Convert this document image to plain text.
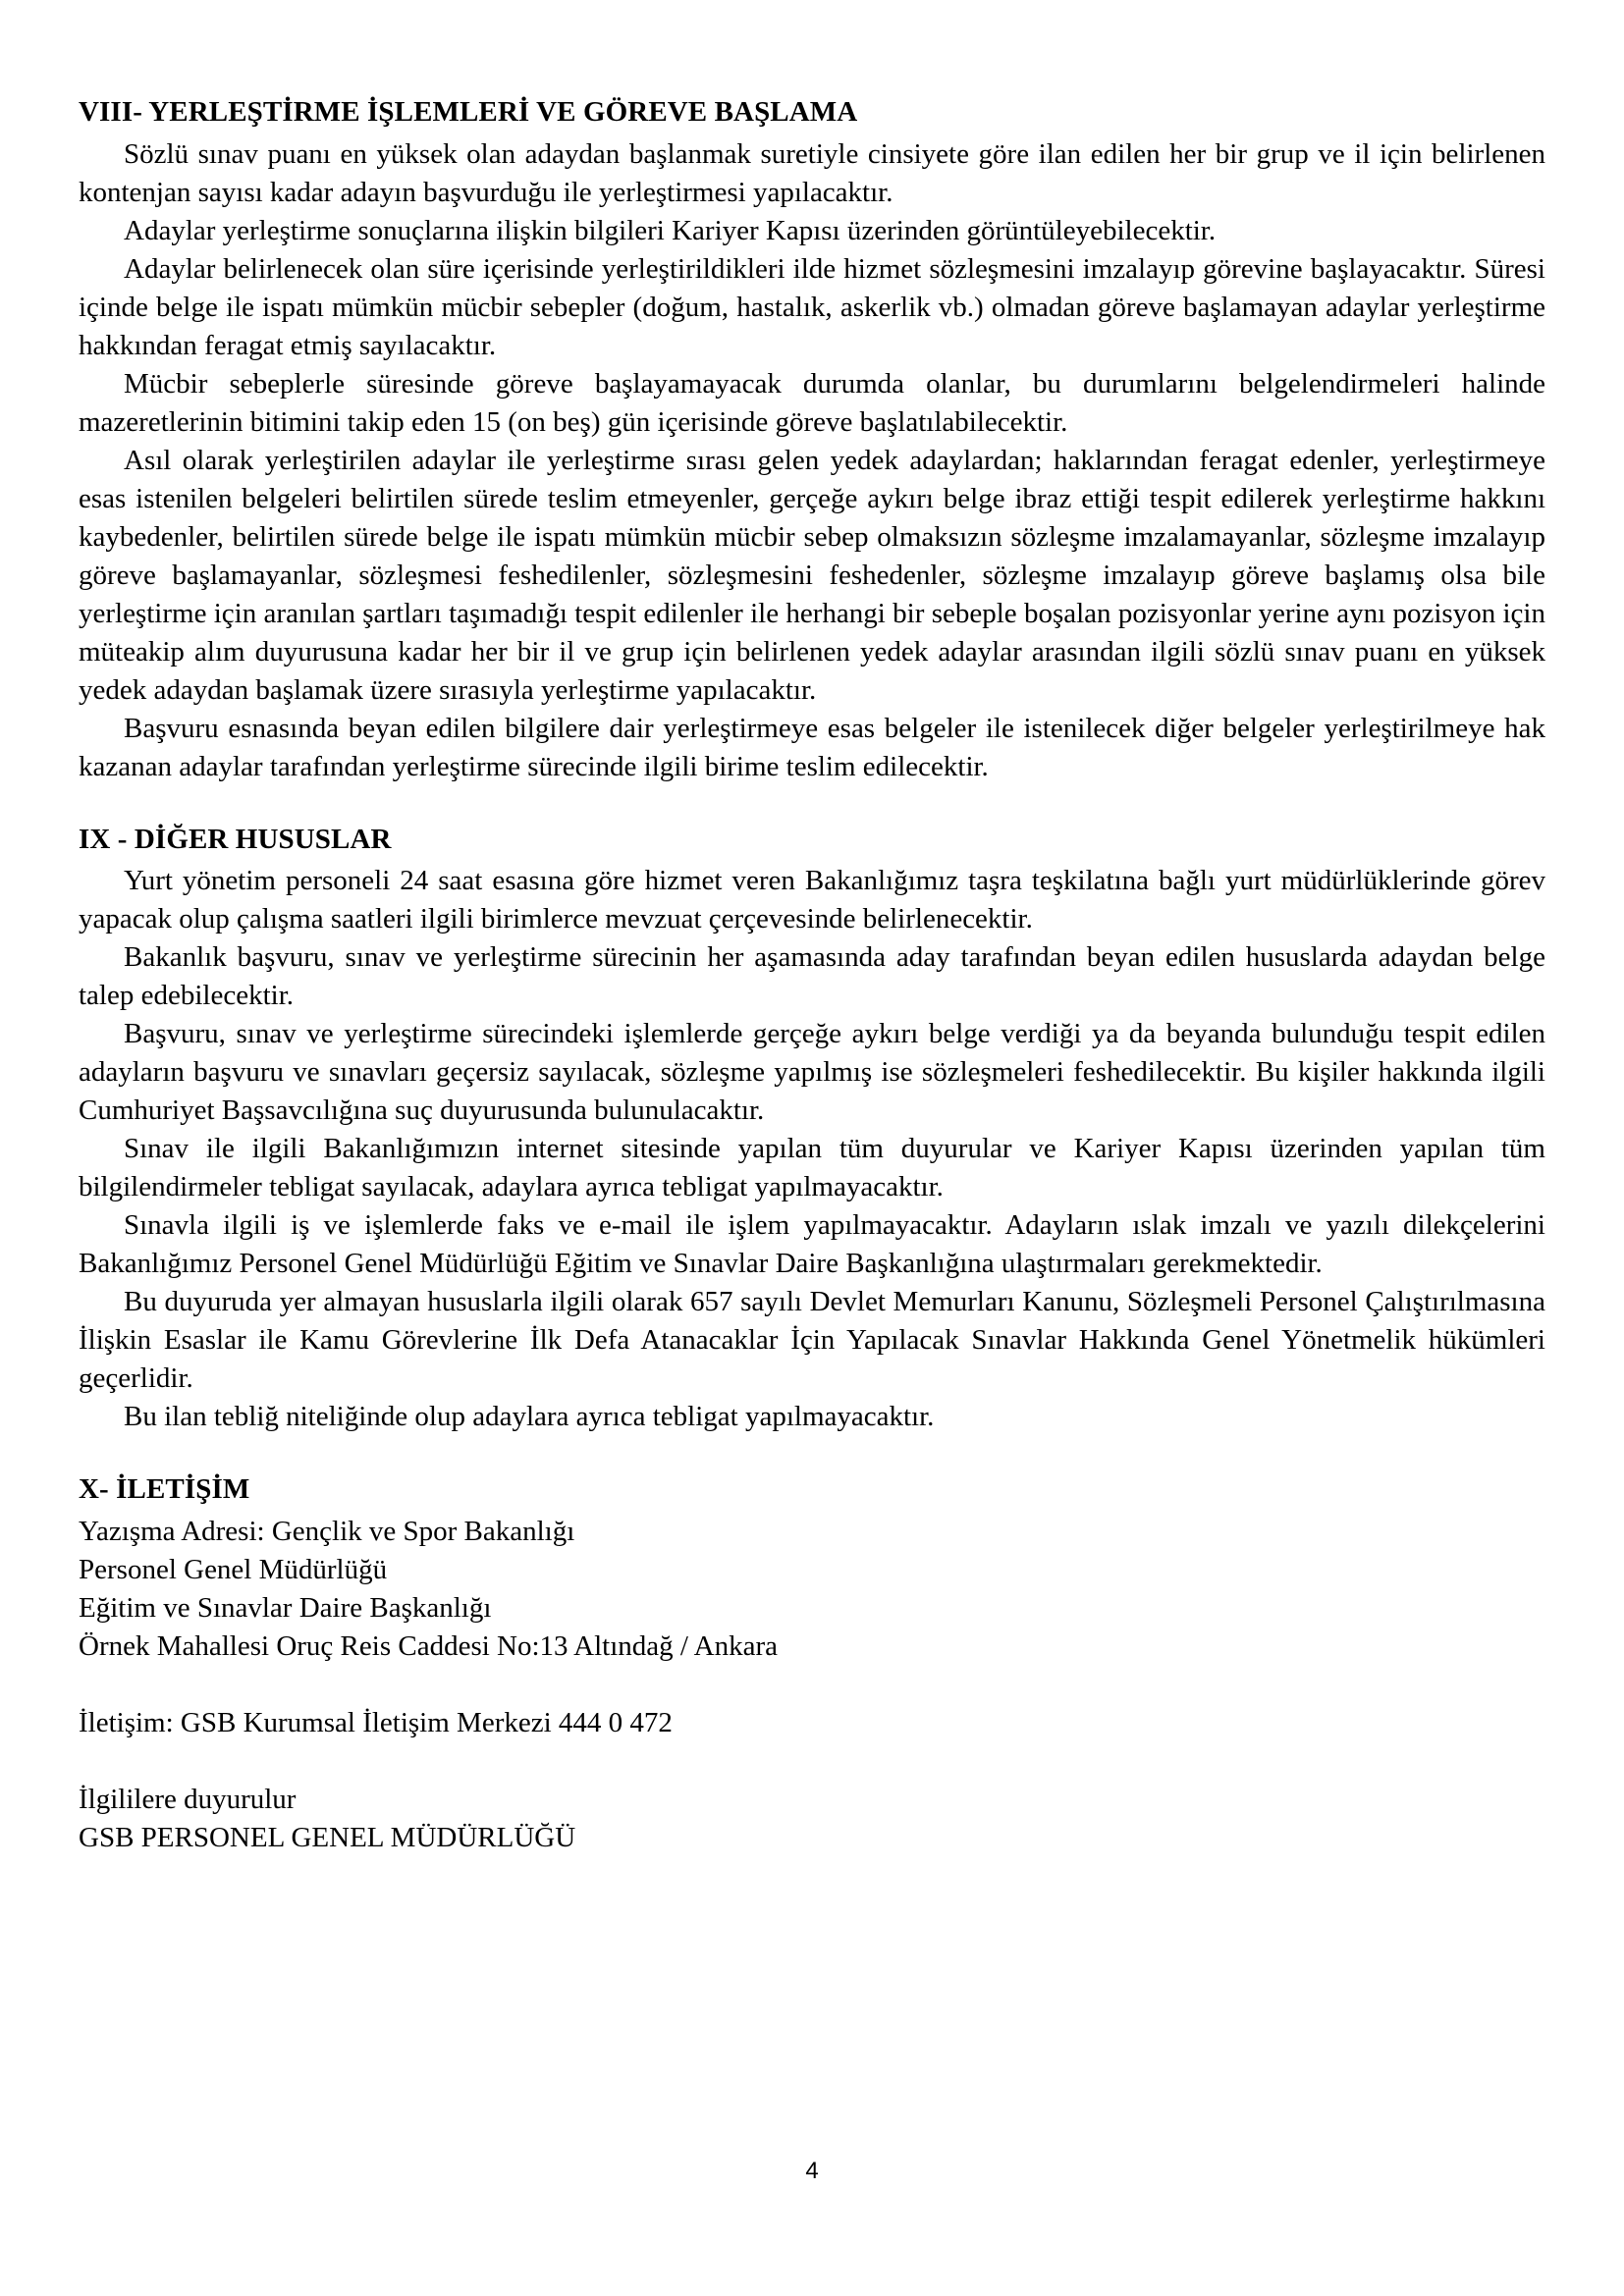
VIII- YERLEŞTİRME İŞLEMLERİ VE GÖREVE BAŞLAMA

Sözlü sınav puanı en yüksek olan adaydan başlanmak suretiyle cinsiyete göre ilan edilen her bir grup ve il için belirlenen kontenjan sayısı kadar adayın başvurduğu ile yerleştirmesi yapılacaktır.

Adaylar yerleştirme sonuçlarına ilişkin bilgileri Kariyer Kapısı üzerinden görüntüleyebilecektir.

Adaylar belirlenecek olan süre içerisinde yerleştirildikleri ilde hizmet sözleşmesini imzalayıp görevine başlayacaktır. Süresi içinde belge ile ispatı mümkün mücbir sebepler (doğum, hastalık, askerlik vb.) olmadan göreve başlamayan adaylar yerleştirme hakkından feragat etmiş sayılacaktır.

Mücbir sebeplerle süresinde göreve başlayamayacak durumda olanlar, bu durumlarını belgelendirmeleri halinde mazeretlerinin bitimini takip eden 15 (on beş) gün içerisinde göreve başlatılabilecektir.

Asıl olarak yerleştirilen adaylar ile yerleştirme sırası gelen yedek adaylardan; haklarından feragat edenler, yerleştirmeye esas istenilen belgeleri belirtilen sürede teslim etmeyenler, gerçeğe aykırı belge ibraz ettiği tespit edilerek yerleştirme hakkını kaybedenler, belirtilen sürede belge ile ispatı mümkün mücbir sebep olmaksızın sözleşme imzalamayanlar, sözleşme imzalayıp göreve başlamayanlar, sözleşmesi feshedilenler, sözleşmesini feshedenler, sözleşme imzalayıp göreve başlamış olsa bile yerleştirme için aranılan şartları taşımadığı tespit edilenler ile herhangi bir sebeple boşalan pozisyonlar yerine aynı pozisyon için müteakip alım duyurusuna kadar her bir il ve grup için belirlenen yedek adaylar arasından ilgili sözlü sınav puanı en yüksek yedek adaydan başlamak üzere sırasıyla yerleştirme yapılacaktır.

Başvuru esnasında beyan edilen bilgilere dair yerleştirmeye esas belgeler ile istenilecek diğer belgeler yerleştirilmeye hak kazanan adaylar tarafından yerleştirme sürecinde ilgili birime teslim edilecektir.

IX - DİĞER HUSUSLAR

Yurt yönetim personeli 24 saat esasına göre hizmet veren Bakanlığımız taşra teşkilatına bağlı yurt müdürlüklerinde görev yapacak olup çalışma saatleri ilgili birimlerce mevzuat çerçevesinde belirlenecektir.

Bakanlık başvuru, sınav ve yerleştirme sürecinin her aşamasında aday tarafından beyan edilen hususlarda adaydan belge talep edebilecektir.

Başvuru, sınav ve yerleştirme sürecindeki işlemlerde gerçeğe aykırı belge verdiği ya da beyanda bulunduğu tespit edilen adayların başvuru ve sınavları geçersiz sayılacak, sözleşme yapılmış ise sözleşmeleri feshedilecektir. Bu kişiler hakkında ilgili Cumhuriyet Başsavcılığına suç duyurusunda bulunulacaktır.

Sınav ile ilgili Bakanlığımızın internet sitesinde yapılan tüm duyurular ve Kariyer Kapısı üzerinden yapılan tüm bilgilendirmeler tebligat sayılacak, adaylara ayrıca tebligat yapılmayacaktır.

Sınavla ilgili iş ve işlemlerde faks ve e-mail ile işlem yapılmayacaktır. Adayların ıslak imzalı ve yazılı dilekçelerini Bakanlığımız Personel Genel Müdürlüğü Eğitim ve Sınavlar Daire Başkanlığına ulaştırmaları gerekmektedir.

Bu duyuruda yer almayan hususlarla ilgili olarak 657 sayılı Devlet Memurları Kanunu, Sözleşmeli Personel Çalıştırılmasına İlişkin Esaslar ile Kamu Görevlerine İlk Defa Atanacaklar İçin Yapılacak Sınavlar Hakkında Genel Yönetmelik hükümleri geçerlidir.

Bu ilan tebliğ niteliğinde olup adaylara ayrıca tebligat yapılmayacaktır.

X- İLETİŞİM
Yazışma Adresi: Gençlik ve Spor Bakanlığı
Personel Genel Müdürlüğü
Eğitim ve Sınavlar Daire Başkanlığı
Örnek Mahallesi Oruç Reis Caddesi No:13 Altındağ / Ankara
İletişim: GSB Kurumsal İletişim Merkezi 444 0 472
İlgililere duyurulur
GSB PERSONEL GENEL MÜDÜRLÜĞÜ
4
